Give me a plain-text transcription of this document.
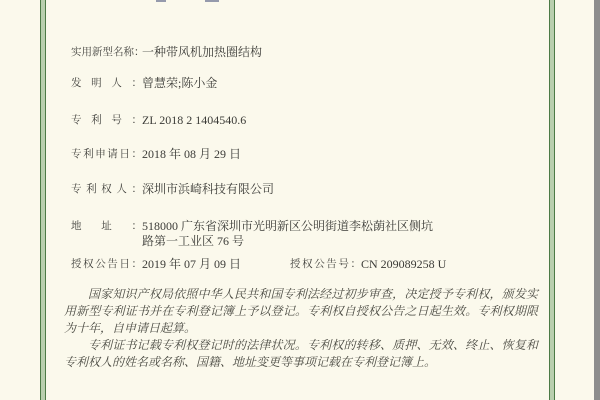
实用新型名称：
一种带风机加热圈结构
发明人： 曾慧荣;陈小金
专利号： ZL 2018 2 1404540.6
专利申请日： 2018 年 08 月 29 日
专利权人： 深圳市浜崎科技有限公司
地址： 518000 广东省深圳市光明新区公明街道李松蓢社区侧坑路第一工业区 76 号
授权公告日： 2019 年 07 月 09 日	授权公告号： CN 209089258 U

国家知识产权局依照中华人民共和国专利法经过初步审查，决定授予专利权，颁发实用新型专利证书并在专利登记簿上予以登记。专利权自授权公告之日起生效。专利权期限为十年，自申请日起算。

专利证书记载专利权登记时的法律状况。专利权的转移、质押、无效、终止、恢复和专利权人的姓名或名称、国籍、地址变更等事项记载在专利登记簿上。
